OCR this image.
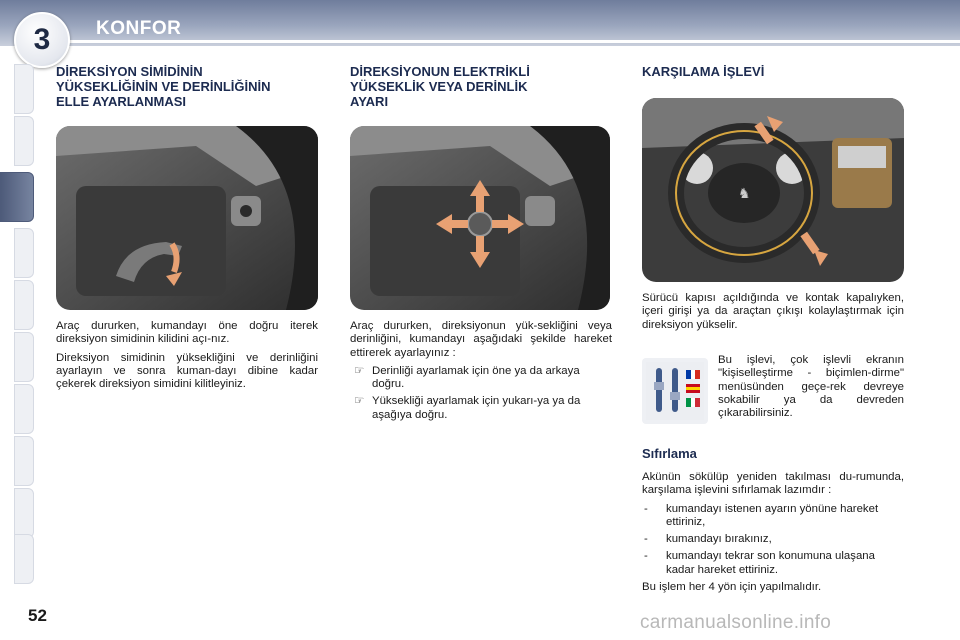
3	KONFOR
DİREKSİYON SİMİDİNİN
YÜKSEKLİĞİNİN VE DERİNLİĞİNİN
ELLE AYARLANMASI

Araç dururken, kumandayı öne doğru iterek direksiyon simidinin kilidini açı-nız.

Direksiyon simidinin yüksekliğini ve derinliğini ayarlayın ve sonra kuman-dayı dibine kadar çekerek direksiyon simidini kilitleyiniz.

DİREKSİYONUN ELEKTRİKLİ
YÜKSEKLİK VEYA DERİNLİK
AYARI

Araç dururken, direksiyonun yük-sekliğini veya derinliğini, kumandayı aşağıdaki şekilde hareket ettirerek ayarlayınız :

☞ Derinliği ayarlamak için öne ya da arkaya doğru.
☞ Yüksekliği ayarlamak için yukarı-ya ya da aşağıya doğru.
KARŞILAMA İŞLEVİ
♞

Sürücü kapısı açıldığında ve kontak kapalıyken, içeri girişi ya da araçtan çıkışı kolaylaştırmak için direksiyon yükselir.

Bu işlevi, çok işlevli ekranın "kişiselleştirme - biçimlen-dirme" menüsünden geçe-rek devreye sokabilir ya da devreden çıkarabilirsiniz.

Sıfırlama

Akünün sökülüp yeniden takılması du-rumunda, karşılama işlevini sıfırlamak lazımdır :

- kumandayı istenen ayarın yönüne hareket ettiriniz,
- kumandayı bırakınız,
- kumandayı tekrar son konumuna ulaşana kadar hareket ettiriniz.

Bu işlem her 4 yön için yapılmalıdır.

52	carmanualsonline.info
